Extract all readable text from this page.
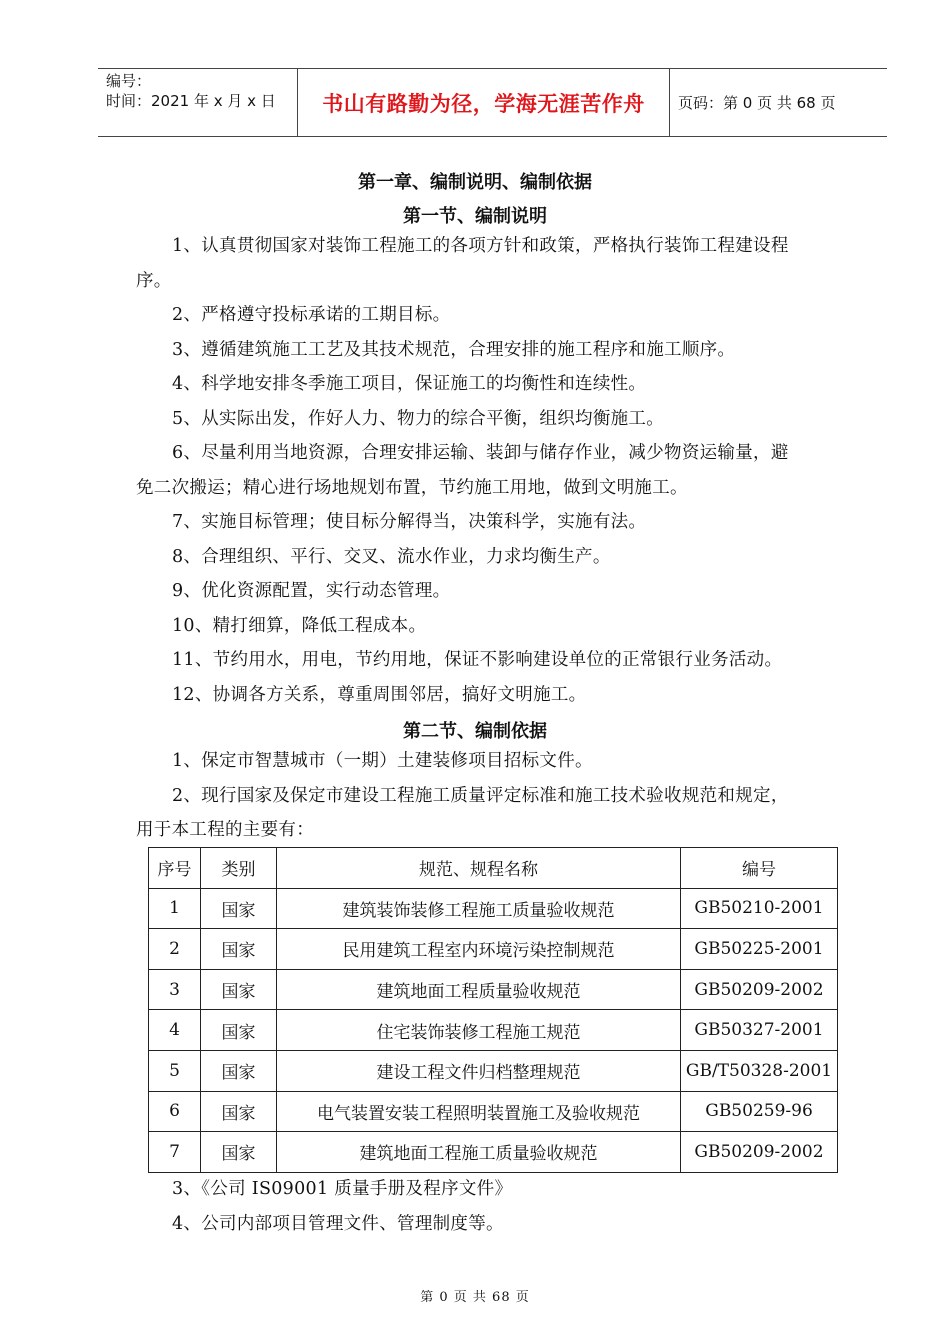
编号：
时间：2021 年 x 月 x 日	书山有路勤为径，学海无涯苦作舟	页码：第 0 页 共 68 页
第一章、编制说明、编制依据
第一节、编制说明
1、认真贯彻国家对装饰工程施工的各项方针和政策，严格执行装饰工程建设程
序。
2、严格遵守投标承诺的工期目标。
3、遵循建筑施工工艺及其技术规范，合理安排的施工程序和施工顺序。
4、科学地安排冬季施工项目，保证施工的均衡性和连续性。
5、从实际出发，作好人力、物力的综合平衡，组织均衡施工。
6、尽量利用当地资源，合理安排运输、装卸与储存作业，减少物资运输量，避
免二次搬运；精心进行场地规划布置，节约施工用地，做到文明施工。
7、实施目标管理；使目标分解得当，决策科学，实施有法。
8、合理组织、平行、交叉、流水作业，力求均衡生产。
9、优化资源配置，实行动态管理。
10、精打细算，降低工程成本。
11、节约用水，用电，节约用地，保证不影响建设单位的正常银行业务活动。
12、协调各方关系，尊重周围邻居，搞好文明施工。
第二节、编制依据
1、保定市智慧城市（一期）土建装修项目招标文件。
2、现行国家及保定市建设工程施工质量评定标准和施工技术验收规范和规定，
用于本工程的主要有：
序号	类别	规范、规程名称	编号
1	国家	建筑装饰装修工程施工质量验收规范	GB50210-2001
2	国家	民用建筑工程室内环境污染控制规范	GB50225-2001
3	国家	建筑地面工程质量验收规范	GB50209-2002
4	国家	住宅装饰装修工程施工规范	GB50327-2001
5	国家	建设工程文件归档整理规范	GB/T50328-2001
6	国家	电气装置安装工程照明装置施工及验收规范	GB50259-96
7	国家	建筑地面工程施工质量验收规范	GB50209-2002
3、《公司 IS09001 质量手册及程序文件》
4、公司内部项目管理文件、管理制度等。
第 0 页 共 68 页
